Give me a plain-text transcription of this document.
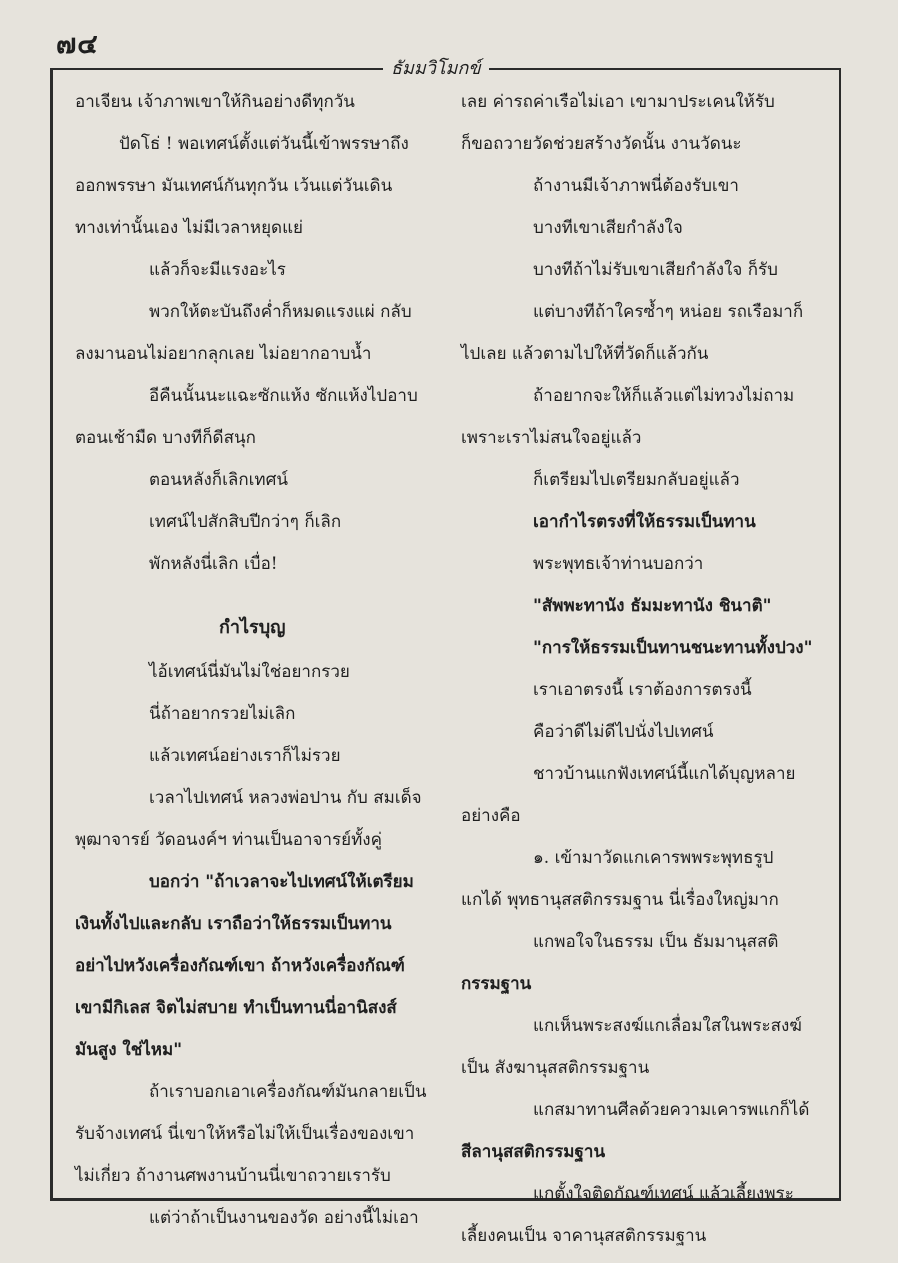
๗๔
ธัมมวิโมกข์
อาเจียน เจ้าภาพเขาให้กินอย่างดีทุกวัน
ปัดโธ่ ! พอเทศน์ตั้งแต่วันนี้เข้าพรรษาถึง
ออกพรรษา มันเทศน์กันทุกวัน เว้นแต่วันเดิน
ทางเท่านั้นเอง ไม่มีเวลาหยุดแย่
แล้วก็จะมีแรงอะไร
พวกให้ตะบันถึงค่ำก็หมดแรงแผ่ กลับ
ลงมานอนไม่อยากลุกเลย ไม่อยากอาบน้ำ
อีคืนนั้นนะแฉะซักแห้ง ซักแห้งไปอาบ
ตอนเช้ามืด บางทีก็ดีสนุก
ตอนหลังก็เลิกเทศน์
เทศน์ไปสักสิบปีกว่าๆ ก็เลิก
พักหลังนี่เลิก เบื่อ!
กำไรบุญ
ไอ้เทศน์นี่มันไม่ใช่อยากรวย
นี่ถ้าอยากรวยไม่เลิก
แล้วเทศน์อย่างเราก็ไม่รวย
เวลาไปเทศน์ หลวงพ่อปาน กับ สมเด็จ
พุฒาจารย์ วัดอนงค์ฯ ท่านเป็นอาจารย์ทั้งคู่
บอกว่า "ถ้าเวลาจะไปเทศน์ให้เตรียม
เงินทั้งไปและกลับ เราถือว่าให้ธรรมเป็นทาน
อย่าไปหวังเครื่องกัณฑ์เขา ถ้าหวังเครื่องกัณฑ์
เขามีกิเลส จิตไม่สบาย ทำเป็นทานนี่อานิสงส์
มันสูง ใช่ไหม"
ถ้าเราบอกเอาเครื่องกัณฑ์มันกลายเป็น
รับจ้างเทศน์ นี่เขาให้หรือไม่ให้เป็นเรื่องของเขา
ไม่เกี่ยว ถ้างานศพงานบ้านนี่เขาถวายเรารับ
แต่ว่าถ้าเป็นงานของวัด อย่างนี้ไม่เอา
เลย ค่ารถค่าเรือไม่เอา เขามาประเคนให้รับ
ก็ขอถวายวัดช่วยสร้างวัดนั้น งานวัดนะ
ถ้างานมีเจ้าภาพนี่ต้องรับเขา
บางทีเขาเสียกำลังใจ
บางทีถ้าไม่รับเขาเสียกำลังใจ ก็รับ
แต่บางทีถ้าใครซ้ำๆ หน่อย รถเรือมาก็
ไปเลย แล้วตามไปให้ที่วัดก็แล้วกัน
ถ้าอยากจะให้ก็แล้วแต่ไม่ทวงไม่ถาม
เพราะเราไม่สนใจอยู่แล้ว
ก็เตรียมไปเตรียมกลับอยู่แล้ว
เอากำไรตรงที่ให้ธรรมเป็นทาน
พระพุทธเจ้าท่านบอกว่า
"สัพพะทานัง ธัมมะทานัง ชินาติ"
"การให้ธรรมเป็นทานชนะทานทั้งปวง"
เราเอาตรงนี้ เราต้องการตรงนี้
คือว่าดีไม่ดีไปนั่งไปเทศน์
ชาวบ้านแกฟังเทศน์นี้แกได้บุญหลาย
อย่างคือ
๑. เข้ามาวัดแกเคารพพระพุทธรูป
แกได้ พุทธานุสสติกรรมฐาน นี่เรื่องใหญ่มาก
แกพอใจในธรรม เป็น ธัมมานุสสติ
กรรมฐาน
แกเห็นพระสงฆ์แกเลื่อมใสในพระสงฆ์
เป็น สังฆานุสสติกรรมฐาน
แกสมาทานศีลด้วยความเคารพแกก็ได้
สีลานุสสติกรรมฐาน
แกตั้งใจติดกัณฑ์เทศน์ แล้วเลี้ยงพระ
เลี้ยงคนเป็น จาคานุสสติกรรมฐาน
